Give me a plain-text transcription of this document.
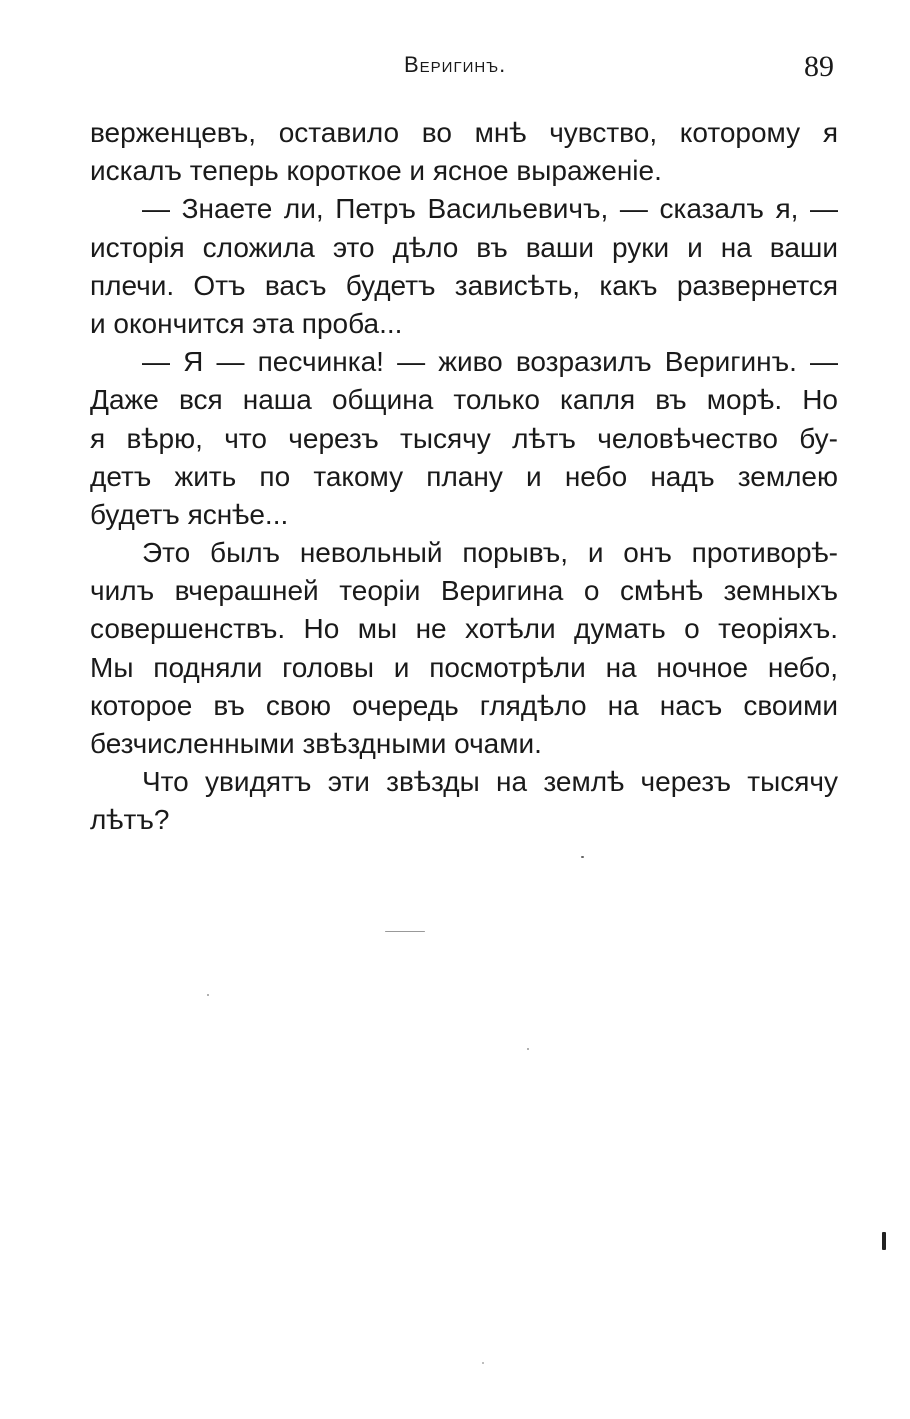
Веригинъ.	89
верженцевъ, оставило во мнѣ чувство, которому я
искалъ теперь короткое и ясное выраженіе.
— Знаете ли, Петръ Васильевичъ, — сказалъ я, —
исторія сложила это дѣло въ ваши руки и на ваши
плечи. Отъ васъ будетъ зависѣть, какъ развернется
и окончится эта проба...
— Я — песчинка! — живо возразилъ Веригинъ. —
Даже вся наша община только капля въ морѣ. Но
я вѣрю, что черезъ тысячу лѣтъ человѣчество бу-
детъ жить по такому плану и небо надъ землею
будетъ яснѣе...
Это былъ невольный порывъ, и онъ противорѣ-
чилъ вчерашней теоріи Веригина о смѣнѣ земныхъ
совершенствъ. Но мы не хотѣли думать о теоріяхъ.
Мы подняли головы и посмотрѣли на ночное небо,
которое въ свою очередь глядѣло на насъ своими
безчисленными звѣздными очами.
Что увидятъ эти звѣзды на землѣ черезъ тысячу
лѣтъ?
